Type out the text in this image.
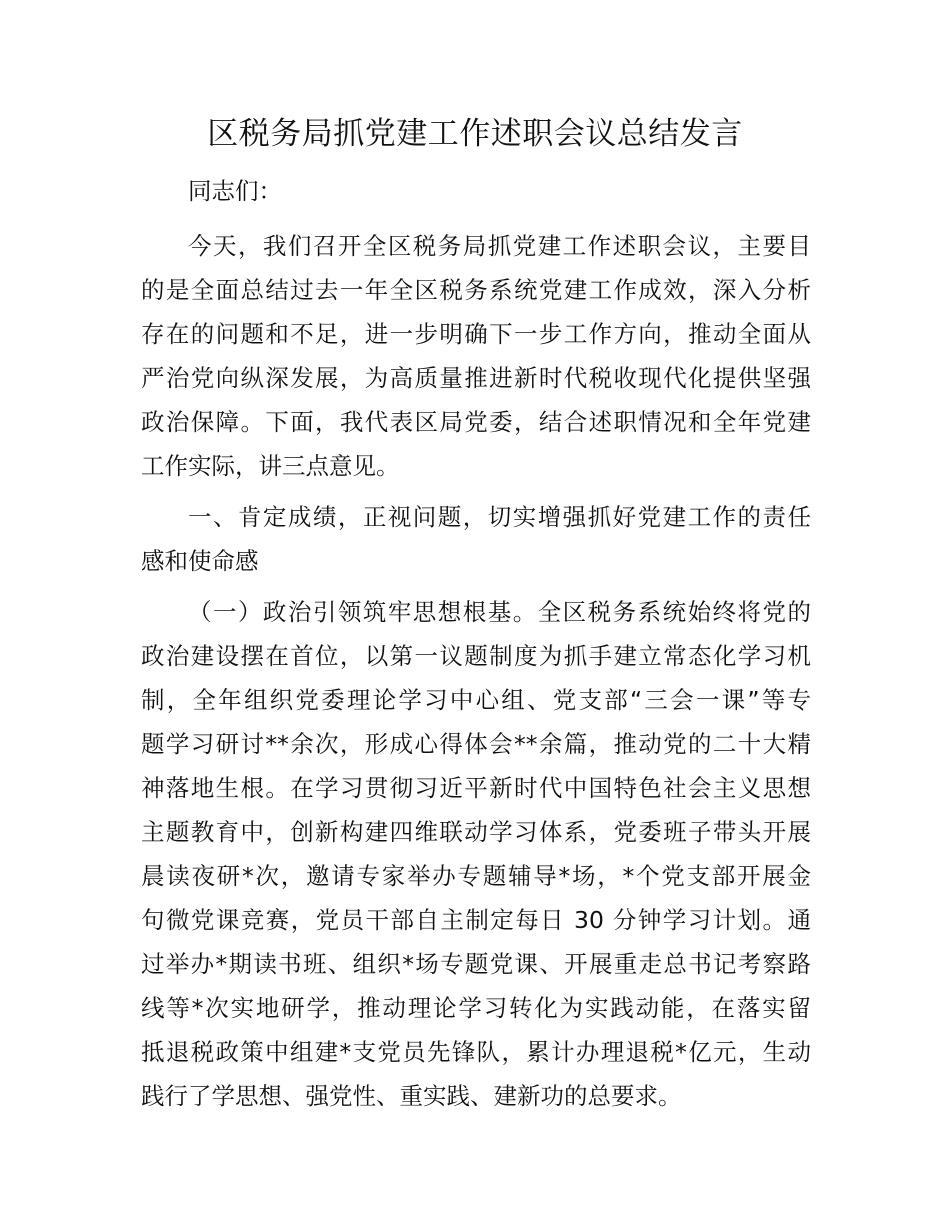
区税务局抓党建工作述职会议总结发言
同志们：
今天，我们召开全区税务局抓党建工作述职会议，主要目
的是全面总结过去一年全区税务系统党建工作成效，深入分析
存在的问题和不足，进一步明确下一步工作方向，推动全面从
严治党向纵深发展，为高质量推进新时代税收现代化提供坚强
政治保障。下面，我代表区局党委，结合述职情况和全年党建
工作实际，讲三点意见。
一、肯定成绩，正视问题，切实增强抓好党建工作的责任
感和使命感
（一）政治引领筑牢思想根基。全区税务系统始终将党的
政治建设摆在首位，以第一议题制度为抓手建立常态化学习机
制，全年组织党委理论学习中心组、党支部“三会一课”等专
题学习研讨**余次，形成心得体会**余篇，推动党的二十大精
神落地生根。在学习贯彻习近平新时代中国特色社会主义思想
主题教育中，创新构建四维联动学习体系，党委班子带头开展
晨读夜研*次，邀请专家举办专题辅导*场，*个党支部开展金
句微党课竞赛，党员干部自主制定每日 30 分钟学习计划。通
过举办*期读书班、组织*场专题党课、开展重走总书记考察路
线等*次实地研学，推动理论学习转化为实践动能，在落实留
抵退税政策中组建*支党员先锋队，累计办理退税*亿元，生动
践行了学思想、强党性、重实践、建新功的总要求。
